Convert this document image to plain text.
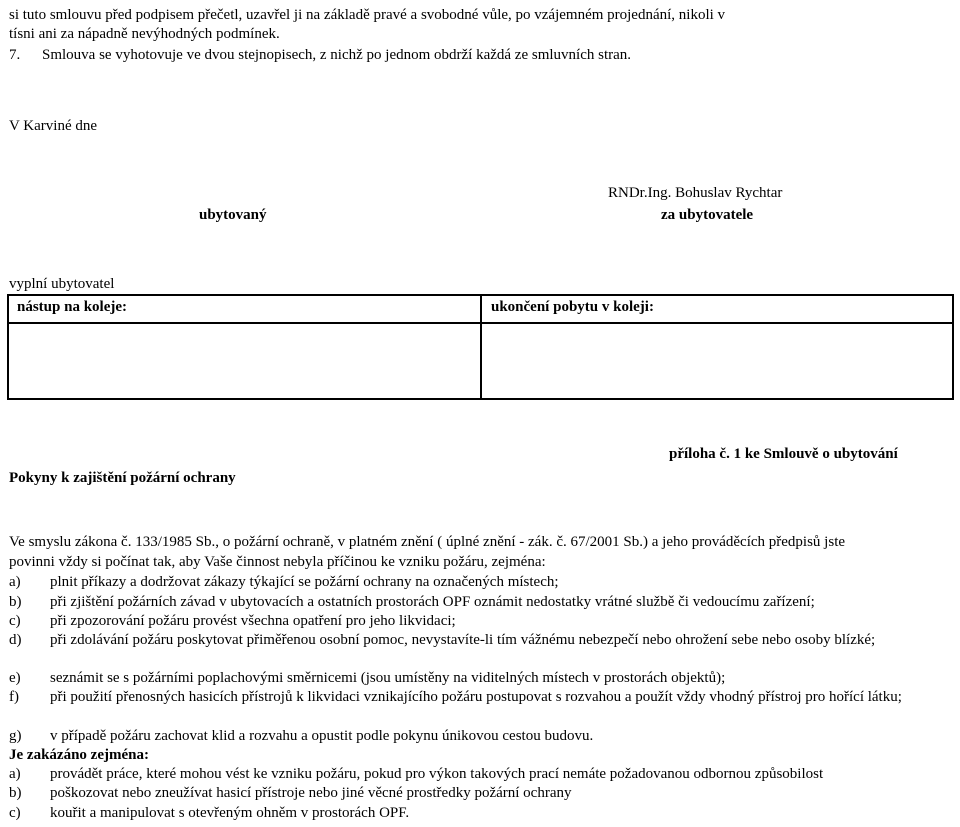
si tuto smlouvu před podpisem přečetl, uzavřel ji na základě pravé a svobodné vůle, po vzájemném projednání, nikoli v
tísni ani za nápadně nevýhodných podmínek.
7. Smlouva se vyhotovuje ve dvou stejnopisech, z nichž po jednom obdrží každá ze smluvních stran.
V Karviné dne
RNDr.Ing. Bohuslav Rychtar
ubytovaný	za ubytovatele
vyplní ubytovatel
nástup na koleje:	ukončení pobytu v koleji:
příloha č. 1 ke Smlouvě o ubytování
Pokyny k zajištění požární ochrany
Ve smyslu zákona č. 133/1985 Sb., o požární ochraně, v platném znění ( úplné znění - zák. č. 67/2001 Sb.) a jeho prováděcích předpisů jste
povinni vždy si počínat tak, aby Vaše činnost nebyla příčinou ke vzniku požáru, zejména:
a) plnit příkazy a dodržovat zákazy týkající se požární ochrany na označených místech;
b) při zjištění požárních závad v ubytovacích a ostatních prostorách OPF oznámit nedostatky vrátné službě či vedoucímu zařízení;
c) při zpozorování požáru provést všechna opatření pro jeho likvidaci;
d) při zdolávání požáru poskytovat přiměřenou osobní pomoc, nevystavíte-li tím vážnému nebezpečí nebo ohrožení sebe nebo osoby blízké;
e) seznámit se s požárními poplachovými směrnicemi (jsou umístěny na viditelných místech v prostorách objektů);
f) při použití přenosných hasicích přístrojů k likvidaci vznikajícího požáru postupovat s rozvahou a použít vždy vhodný přístroj pro hořící látku;
g) v případě požáru zachovat klid a rozvahu a opustit podle pokynu únikovou cestou budovu.
Je zakázáno zejména:
a) provádět práce, které mohou vést ke vzniku požáru, pokud pro výkon takových prací nemáte požadovanou odbornou způsobilost
b) poškozovat nebo zneužívat hasicí přístroje nebo jiné věcné prostředky požární ochrany
c) kouřit a manipulovat s otevřeným ohněm v prostorách OPF.
